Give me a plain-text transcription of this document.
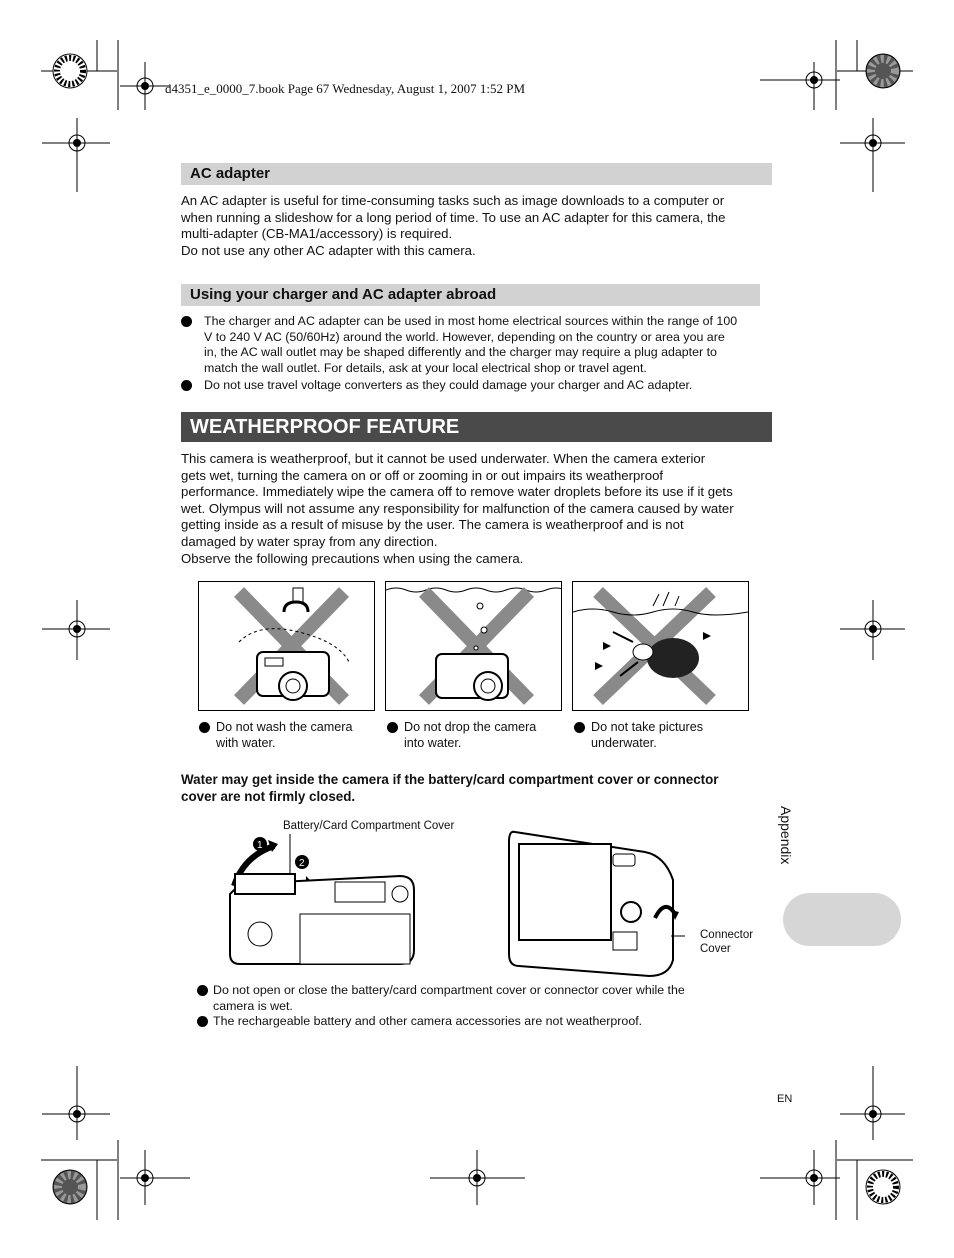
d4351_e_0000_7.book Page 67 Wednesday, August 1, 2007 1:52 PM
AC adapter
An AC adapter is useful for time-consuming tasks such as image downloads to a computer or
when running a slideshow for a long period of time. To use an AC adapter for this camera, the
multi-adapter (CB-MA1/accessory) is required.
Do not use any other AC adapter with this camera.
Using your charger and AC adapter abroad
The charger and AC adapter can be used in most home electrical sources within the range of 100
V to 240 V AC (50/60Hz) around the world. However, depending on the country or area you are
in, the AC wall outlet may be shaped differently and the charger may require a plug adapter to
match the wall outlet. For details, ask at your local electrical shop or travel agent.
Do not use travel voltage converters as they could damage your charger and AC adapter.
WEATHERPROOF FEATURE
This camera is weatherproof, but it cannot be used underwater. When the camera exterior
gets wet, turning the camera on or off or zooming in or out impairs its weatherproof
performance. Immediately wipe the camera off to remove water droplets before its use if it gets
wet. Olympus will not assume any responsibility for malfunction of the camera caused by water
getting inside as a result of misuse by the user. The camera is weatherproof and is not
damaged by water spray from any direction.
Observe the following precautions when using the camera.
Do not wash the camera
with water.
Do not drop the camera
into water.
Do not take pictures
underwater.
Water may get inside the camera if the battery/card compartment cover or connector
cover are not firmly closed.
Battery/Card Compartment Cover
1
2
Connector
Cover
Do not open or close the battery/card compartment cover or connector cover while the
camera is wet.
The rechargeable battery and other camera accessories are not weatherproof.
Appendix
EN
